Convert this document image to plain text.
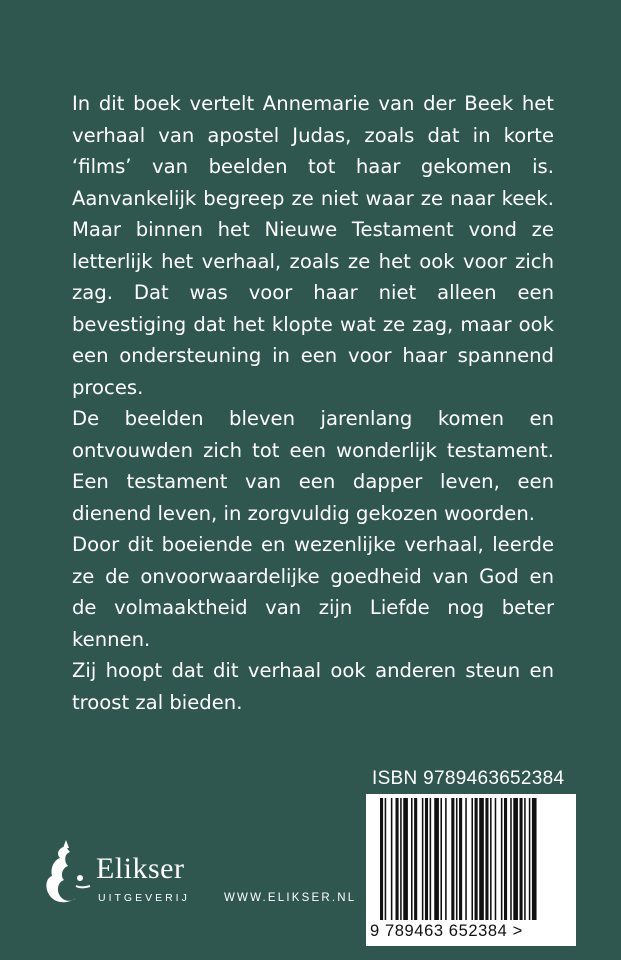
In dit boek vertelt Annemarie van der Beek het verhaal van apostel Judas, zoals dat in korte ‘films’ van beelden tot haar gekomen is. Aanvankelijk begreep ze niet waar ze naar keek. Maar binnen het Nieuwe Testament vond ze letterlijk het verhaal, zoals ze het ook voor zich zag. Dat was voor haar niet alleen een bevestiging dat het klopte wat ze zag, maar ook een ondersteuning in een voor haar spannend proces.

De beelden bleven jarenlang komen en ontvouwden zich tot een wonderlijk testament. Een testament van een dapper leven, een dienend leven, in zorgvuldig gekozen woorden.

Door dit boeiende en wezenlijke verhaal, leerde ze de onvoorwaardelijke goedheid van God en de volmaaktheid van zijn Liefde nog beter kennen.

Zij hoopt dat dit verhaal ook anderen steun en troost zal bieden.

ISBN 9789463652384
9 789463 652384 >
Elikser
UITGEVERIJ	WWW.ELIKSER.NL
